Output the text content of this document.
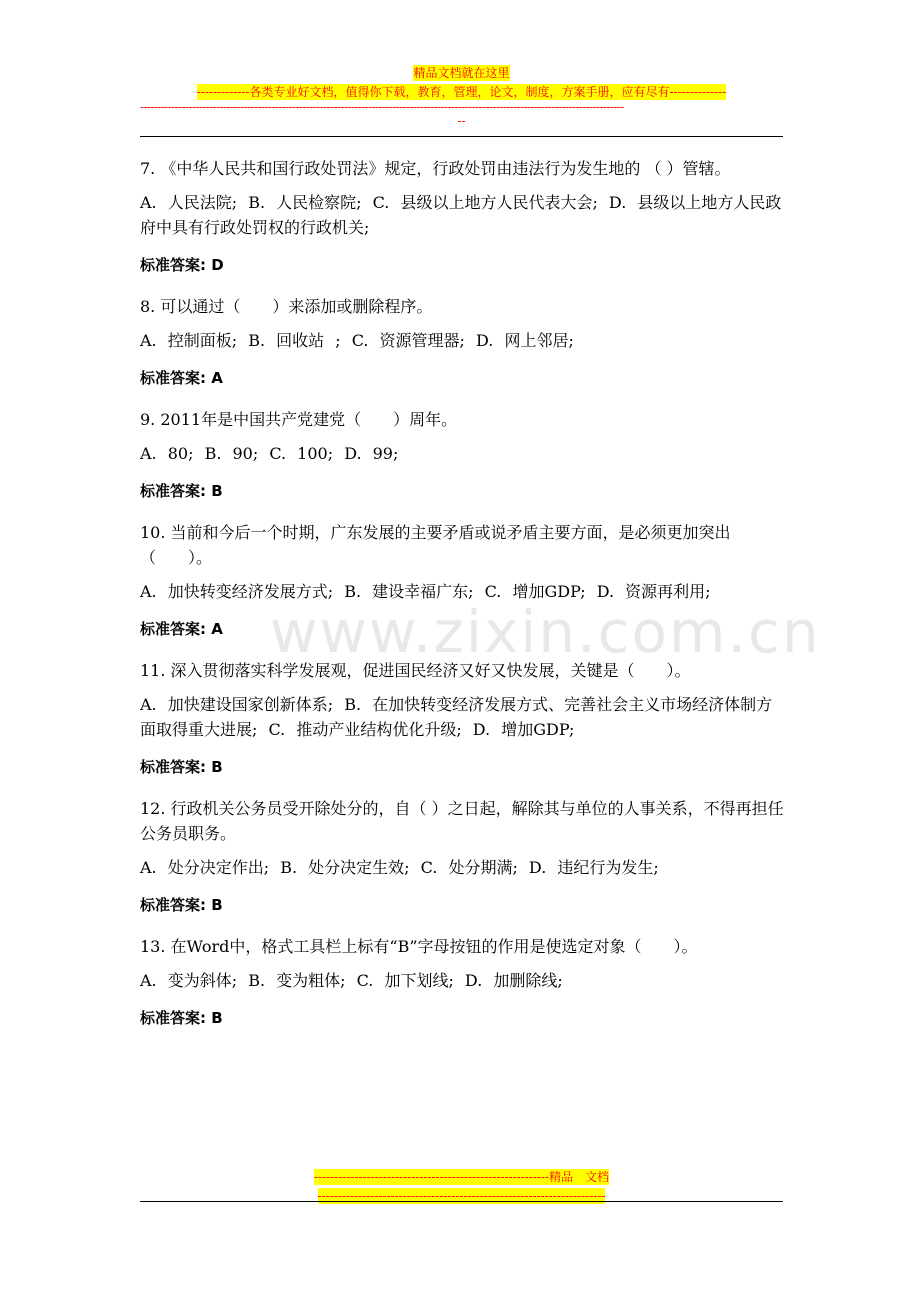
精品文档就在这里
-------------各类专业好文档，值得你下载，教育，管理，论文，制度，方案手册，应有尽有--------------
--------------------------------------------------------------------------------------------------------------------------------------------
--
www.zixin.com.cn

7. 《中华人民共和国行政处罚法》规定，行政处罚由违法行为发生地的 （ ）管辖。

A. 人民法院; B. 人民检察院; C. 县级以上地方人民代表大会; D. 县级以上地方人民政府中具有行政处罚权的行政机关;

标准答案: D

8. 可以通过（　　）来添加或删除程序。

A. 控制面板; B. 回收站 ; C. 资源管理器; D. 网上邻居;

标准答案: A

9. 2011年是中国共产党建党（　　）周年。

A. 80; B. 90; C. 100; D. 99;

标准答案: B

10. 当前和今后一个时期，广东发展的主要矛盾或说矛盾主要方面，是必须更加突出（　　）。

A. 加快转变经济发展方式; B. 建设幸福广东; C. 增加GDP; D. 资源再利用;

标准答案: A

11. 深入贯彻落实科学发展观，促进国民经济又好又快发展，关键是（　　）。

A. 加快建设国家创新体系; B. 在加快转变经济发展方式、完善社会主义市场经济体制方面取得重大进展; C. 推动产业结构优化升级; D. 增加GDP;

标准答案: B

12. 行政机关公务员受开除处分的，自（ ）之日起，解除其与单位的人事关系，不得再担任公务员职务。

A. 处分决定作出; B. 处分决定生效; C. 处分期满; D. 违纪行为发生;

标准答案: B

13. 在Word中，格式工具栏上标有“B”字母按钮的作用是使选定对象（　　）。

A. 变为斜体; B. 变为粗体; C. 加下划线; D. 加删除线;

标准答案: B

----------------------------------------------------------精品　文档
-----------------------------------------------------------------------
